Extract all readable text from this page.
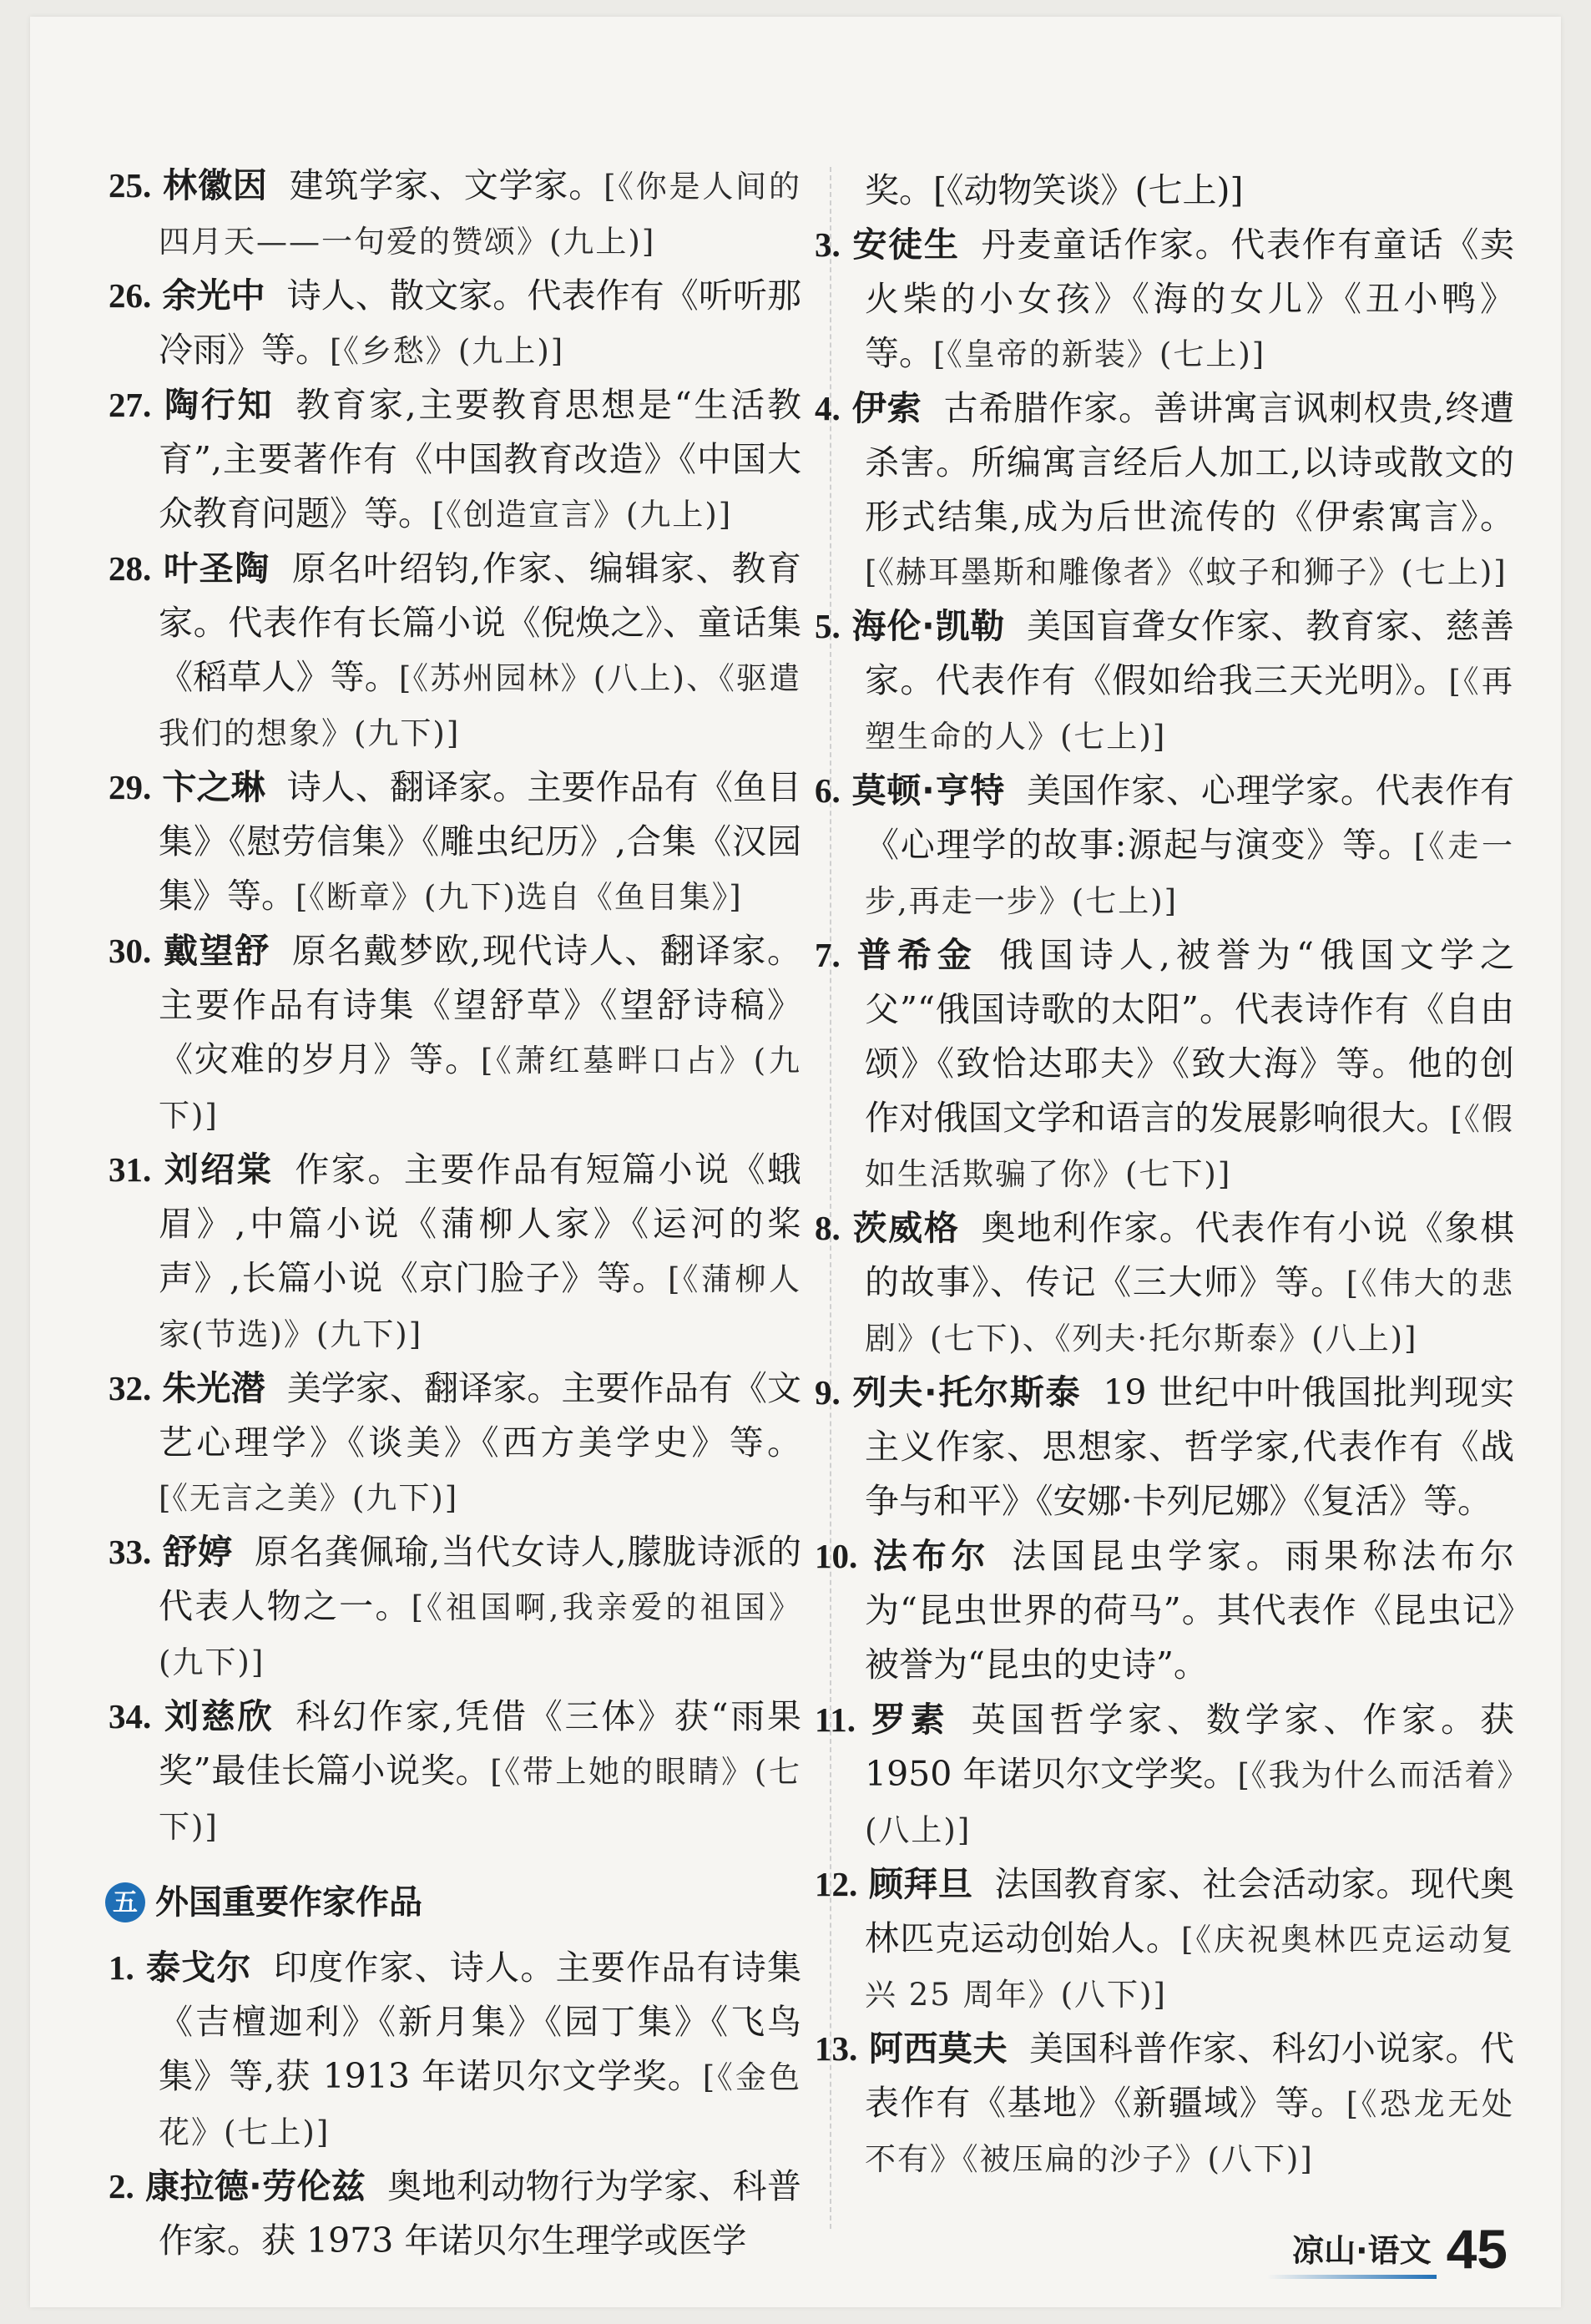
25. 林徽因 建筑学家、文学家。[《你是人间的四月天——一句爱的赞颂》(九上)]
26. 余光中 诗人、散文家。代表作有《听听那冷雨》等。[《乡愁》(九上)]
27. 陶行知 教育家,主要教育思想是“生活教育”,主要著作有《中国教育改造》《中国大众教育问题》等。[《创造宣言》(九上)]
28. 叶圣陶 原名叶绍钧,作家、编辑家、教育家。代表作有长篇小说《倪焕之》、童话集《稻草人》等。[《苏州园林》(八上)、《驱遣我们的想象》(九下)]
29. 卞之琳 诗人、翻译家。主要作品有《鱼目集》《慰劳信集》《雕虫纪历》,合集《汉园集》等。[《断章》(九下)选自《鱼目集》]
30. 戴望舒 原名戴梦欧,现代诗人、翻译家。主要作品有诗集《望舒草》《望舒诗稿》《灾难的岁月》等。[《萧红墓畔口占》(九下)]
31. 刘绍棠 作家。主要作品有短篇小说《蛾眉》,中篇小说《蒲柳人家》《运河的桨声》,长篇小说《京门脸子》等。[《蒲柳人家(节选)》(九下)]
32. 朱光潜 美学家、翻译家。主要作品有《文艺心理学》《谈美》《西方美学史》等。[《无言之美》(九下)]
33. 舒婷 原名龚佩瑜,当代女诗人,朦胧诗派的代表人物之一。[《祖国啊,我亲爱的祖国》(九下)]
34. 刘慈欣 科幻作家,凭借《三体》获“雨果奖”最佳长篇小说奖。[《带上她的眼睛》(七下)]
五 外国重要作家作品
1. 泰戈尔 印度作家、诗人。主要作品有诗集《吉檀迦利》《新月集》《园丁集》《飞鸟集》等,获 1913 年诺贝尔文学奖。[《金色花》(七上)]
2. 康拉德·劳伦兹 奥地利动物行为学家、科普作家。获 1973 年诺贝尔生理学或医学
奖。[《动物笑谈》(七上)]
3. 安徒生 丹麦童话作家。代表作有童话《卖火柴的小女孩》《海的女儿》《丑小鸭》等。[《皇帝的新装》(七上)]
4. 伊索 古希腊作家。善讲寓言讽刺权贵,终遭杀害。所编寓言经后人加工,以诗或散文的形式结集,成为后世流传的《伊索寓言》。[《赫耳墨斯和雕像者》《蚊子和狮子》(七上)]
5. 海伦·凯勒 美国盲聋女作家、教育家、慈善家。代表作有《假如给我三天光明》。[《再塑生命的人》(七上)]
6. 莫顿·亨特 美国作家、心理学家。代表作有《心理学的故事:源起与演变》等。[《走一步,再走一步》(七上)]
7. 普希金 俄国诗人,被誉为“俄国文学之父”“俄国诗歌的太阳”。代表诗作有《自由颂》《致恰达耶夫》《致大海》等。他的创作对俄国文学和语言的发展影响很大。[《假如生活欺骗了你》(七下)]
8. 茨威格 奥地利作家。代表作有小说《象棋的故事》、传记《三大师》等。[《伟大的悲剧》(七下)、《列夫·托尔斯泰》(八上)]
9. 列夫·托尔斯泰 19 世纪中叶俄国批判现实主义作家、思想家、哲学家,代表作有《战争与和平》《安娜·卡列尼娜》《复活》等。
10. 法布尔 法国昆虫学家。雨果称法布尔为“昆虫世界的荷马”。其代表作《昆虫记》被誉为“昆虫的史诗”。
11. 罗素 英国哲学家、数学家、作家。获 1950 年诺贝尔文学奖。[《我为什么而活着》(八上)]
12. 顾拜旦 法国教育家、社会活动家。现代奥林匹克运动创始人。[《庆祝奥林匹克运动复兴 25 周年》(八下)]
13. 阿西莫夫 美国科普作家、科幻小说家。代表作有《基地》《新疆域》等。[《恐龙无处不有》《被压扁的沙子》(八下)]
凉山·语文 45
